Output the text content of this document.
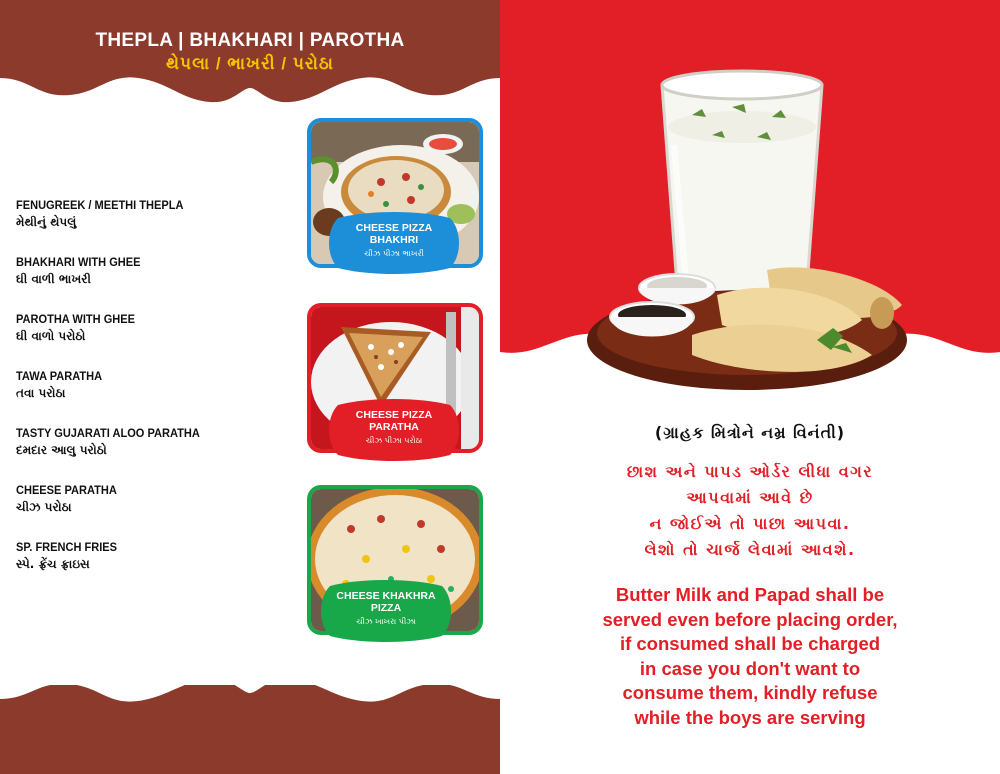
THEPLA | BHAKHARI | PAROTHA
થેપલા / ભાખરી / પરોઠા
FENUGREEK / MEETHI THEPLA
મેથીનું થેપલું
BHAKHARI WITH GHEE
ઘી વાળી ભાખરી
PAROTHA WITH GHEE
ઘી વાળો પરોઠો
TAWA PARATHA
તવા પરોઠા
TASTY GUJARATI ALOO PARATHA
દમદાર આલુ પરોઠો
CHEESE PARATHA
ચીઝ પરોઠા
SP. FRENCH FRIES
સ્પે. ફ્રેંચ ફ્રાઇસ
CHEESE PIZZA
BHAKHRI
ચીઝ પીઝા ભાખરી
CHEESE PIZZA
PARATHA
ચીઝ પીઝા પરોઠા
CHEESE KHAKHRA
PIZZA
ચીઝ ખાખરા પીઝા
(ગ્રાહક મિત્રોને નમ્ર વિનંતી)
છાશ અને પાપડ ઓર્ડર લીધા વગર
આપવામાં આવે છે
ન જોઈએ તો પાછા આપવા.
લેશો તો ચાર્જ લેવામાં આવશે.
Butter Milk and Papad shall be
served even before placing order,
if consumed shall be charged
in case you don't want to
consume them, kindly refuse
while the boys are serving
